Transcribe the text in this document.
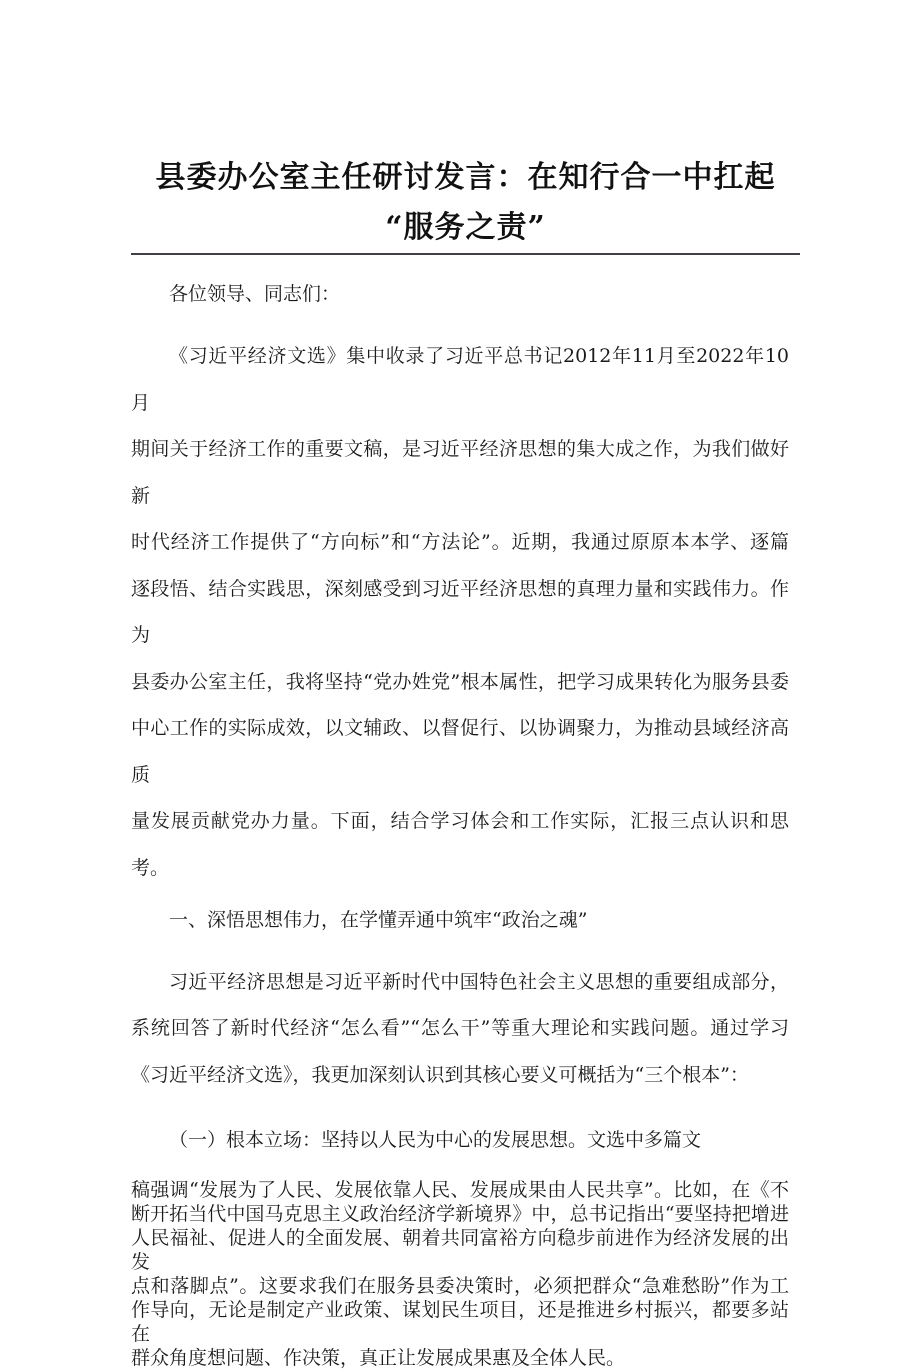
县委办公室主任研讨发言：在知行合一中扛起
“服务之责”
各位领导、同志们：
《习近平经济文选》集中收录了习近平总书记2012年11月至2022年10月
期间关于经济工作的重要文稿，是习近平经济思想的集大成之作，为我们做好新
时代经济工作提供了“方向标”和“方法论”。近期，我通过原原本本学、逐篇
逐段悟、结合实践思，深刻感受到习近平经济思想的真理力量和实践伟力。作为
县委办公室主任，我将坚持“党办姓党”根本属性，把学习成果转化为服务县委
中心工作的实际成效，以文辅政、以督促行、以协调聚力，为推动县域经济高质
量发展贡献党办力量。下面，结合学习体会和工作实际，汇报三点认识和思考。
一、深悟思想伟力，在学懂弄通中筑牢“政治之魂”
习近平经济思想是习近平新时代中国特色社会主义思想的重要组成部分，
系统回答了新时代经济“怎么看”“怎么干”等重大理论和实践问题。通过学习
《习近平经济文选》，我更加深刻认识到其核心要义可概括为“三个根本”：
（一）根本立场：坚持以人民为中心的发展思想。文选中多篇文
稿强调“发展为了人民、发展依靠人民、发展成果由人民共享”。比如，在《不
断开拓当代中国马克思主义政治经济学新境界》中，总书记指出“要坚持把增进
人民福祉、促进人的全面发展、朝着共同富裕方向稳步前进作为经济发展的出发
点和落脚点”。这要求我们在服务县委决策时，必须把群众“急难愁盼”作为工
作导向，无论是制定产业政策、谋划民生项目，还是推进乡村振兴，都要多站在
群众角度想问题、作决策，真正让发展成果惠及全体人民。
